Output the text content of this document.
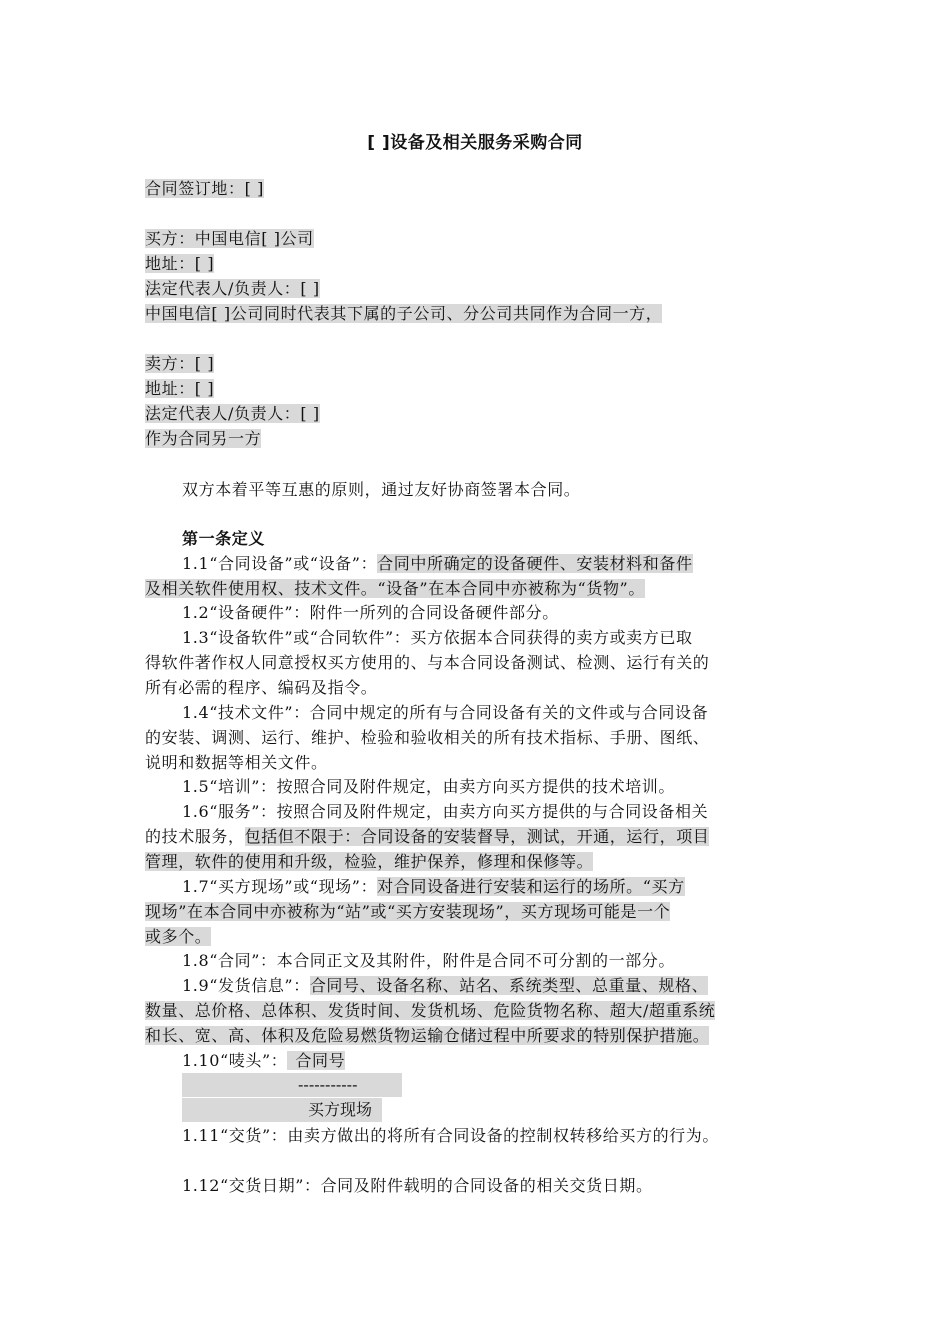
[ ]设备及相关服务采购合同
合同签订地：[ ]
买方：中国电信[ ]公司
地址：[ ]
法定代表人/负责人：[ ]
中国电信[ ]公司同时代表其下属的子公司、分公司共同作为合同一方，
卖方：[ ]
地址：[ ]
法定代表人/负责人：[ ]
作为合同另一方
双方本着平等互惠的原则，通过友好协商签署本合同。
第一条定义
1.1“合同设备”或“设备”：合同中所确定的设备硬件、安装材料和备件
及相关软件使用权、技术文件。“设备”在本合同中亦被称为“货物”。
1.2“设备硬件”：附件一所列的合同设备硬件部分。
1.3“设备软件”或“合同软件”：买方依据本合同获得的卖方或卖方已取
得软件著作权人同意授权买方使用的、与本合同设备测试、检测、运行有关的
所有必需的程序、编码及指令。
1.4“技术文件”：合同中规定的所有与合同设备有关的文件或与合同设备
的安装、调测、运行、维护、检验和验收相关的所有技术指标、手册、图纸、
说明和数据等相关文件。
1.5“培训”：按照合同及附件规定，由卖方向买方提供的技术培训。
1.6“服务”：按照合同及附件规定，由卖方向买方提供的与合同设备相关
的技术服务，包括但不限于：合同设备的安装督导，测试，开通，运行，项目
管理，软件的使用和升级，检验，维护保养，修理和保修等。
1.7“买方现场”或“现场”：对合同设备进行安装和运行的场所。“买方
现场”在本合同中亦被称为“站”或“买方安装现场”，买方现场可能是一个
或多个。
1.8“合同”：本合同正文及其附件，附件是合同不可分割的一部分。
1.9“发货信息”：合同号、设备名称、站名、系统类型、总重量、规格、
数量、总价格、总体积、发货时间、发货机场、危险货物名称、超大/超重系统
和长、宽、高、体积及危险易燃货物运输仓储过程中所要求的特别保护措施。
1.10“唛头”： 合同号
-----------
买方现场
1.11“交货”：由卖方做出的将所有合同设备的控制权转移给买方的行为。
1.12“交货日期”：合同及附件载明的合同设备的相关交货日期。
